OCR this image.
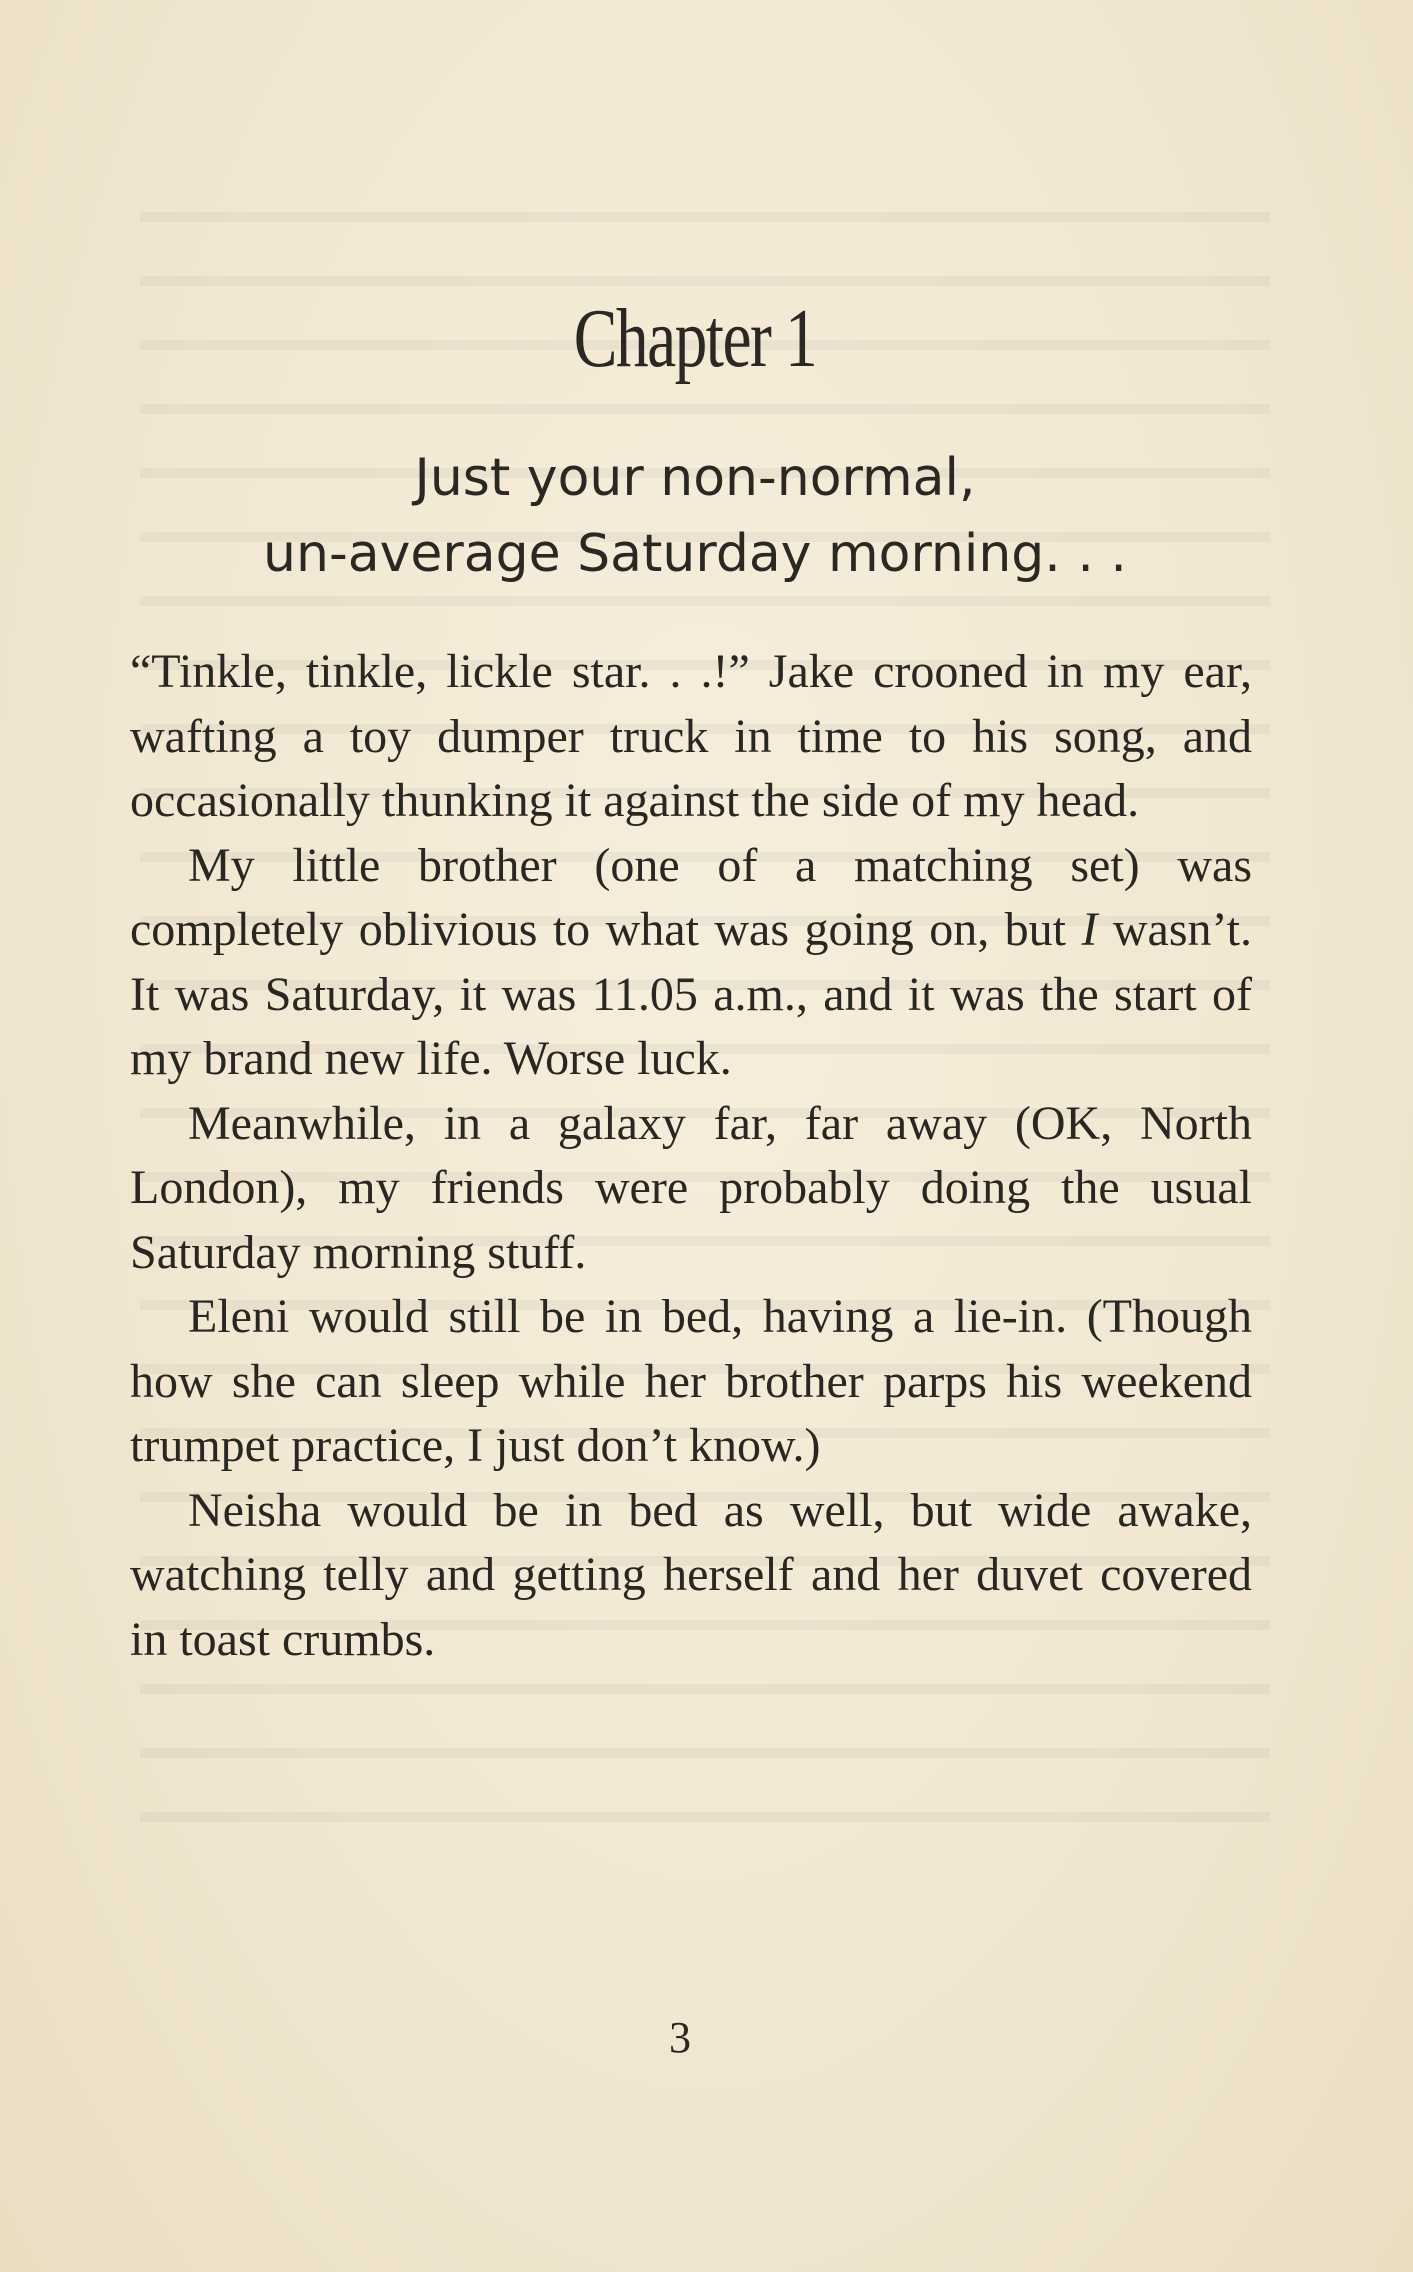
Chapter 1
Just your non-normal,
un-average Saturday morning. . .

“Tinkle, tinkle, lickle star. . .!” Jake crooned in my ear, wafting a toy dumper truck in time to his song, and occasionally thunking it against the side of my head.

My little brother (one of a matching set) was completely oblivious to what was going on, but I wasn’t. It was Saturday, it was 11.05 a.m., and it was the start of my brand new life. Worse luck.

Meanwhile, in a galaxy far, far away (OK, North London), my friends were probably doing the usual Saturday morning stuff.

Eleni would still be in bed, having a lie-in. (Though how she can sleep while her brother parps his weekend trumpet practice, I just don’t know.)

Neisha would be in bed as well, but wide awake, watching telly and getting herself and her duvet covered in toast crumbs.

3
